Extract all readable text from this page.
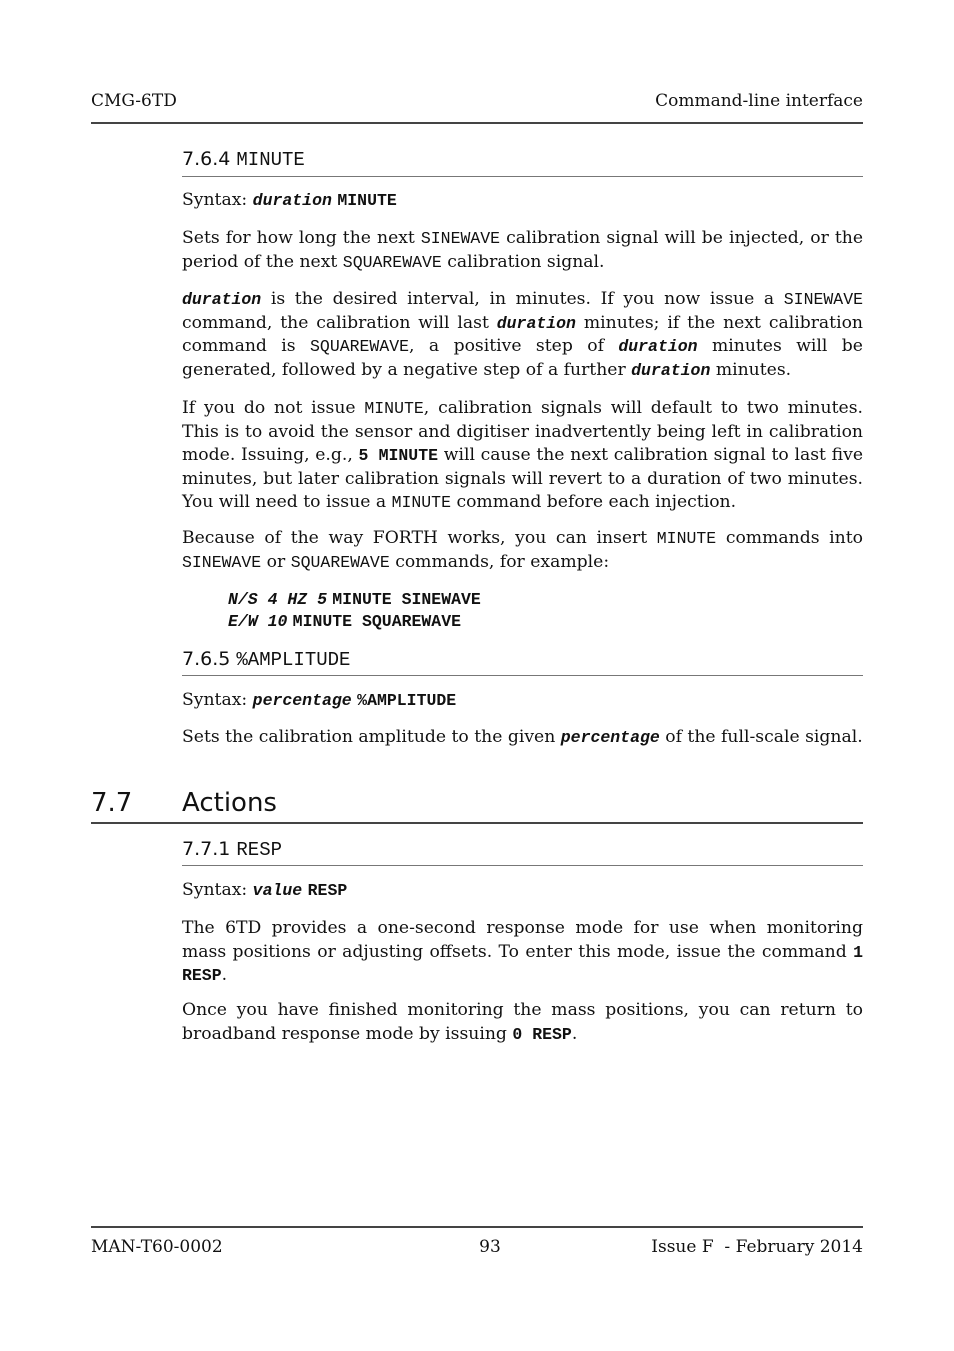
CMG-6TD	Command-line interface
7.6.4 MINUTE
Syntax: duration MINUTE

Sets for how long the next SINEWAVE calibration signal will be injected, or the period of the next SQUAREWAVE calibration signal.

duration is the desired interval, in minutes. If you now issue a SINEWAVE command, the calibration will last duration minutes; if the next calibration command is SQUAREWAVE, a positive step of duration minutes will be generated, followed by a negative step of a further duration minutes.

If you do not issue MINUTE, calibration signals will default to two minutes. This is to avoid the sensor and digitiser inadvertently being left in calibration mode. Issuing, e.g., 5 MINUTE will cause the next calibration signal to last five minutes, but later calibration signals will revert to a duration of two minutes. You will need to issue a MINUTE command before each injection.

Because of the way FORTH works, you can insert MINUTE commands into SINEWAVE or SQUAREWAVE commands, for example:

N/S 4 HZ 5 MINUTE SINEWAVE
E/W 10 MINUTE SQUAREWAVE
7.6.5 %AMPLITUDE
Syntax: percentage %AMPLITUDE

Sets the calibration amplitude to the given percentage of the full-scale signal.

7.7 Actions
7.7.1 RESP
Syntax: value RESP

The 6TD provides a one-second response mode for use when monitoring mass positions or adjusting offsets. To enter this mode, issue the command 1 RESP.

Once you have finished monitoring the mass positions, you can return to broadband response mode by issuing 0 RESP.

MAN-T60-0002	93	Issue F  - February 2014
